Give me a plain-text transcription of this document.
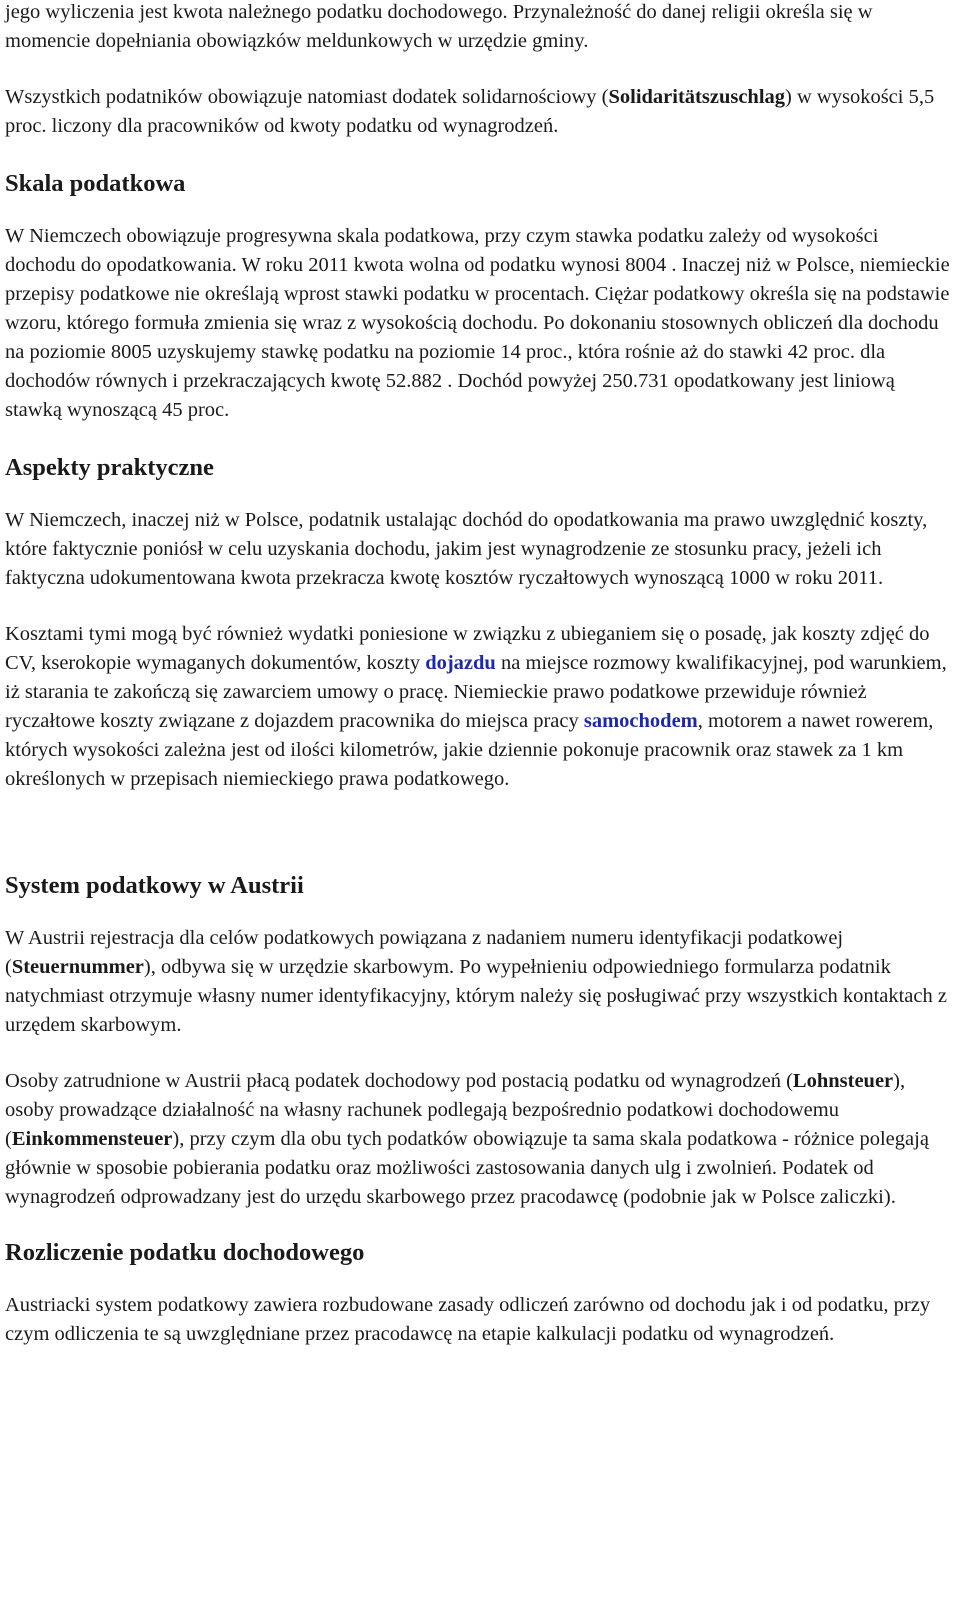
jego wyliczenia jest kwota należnego podatku dochodowego. Przynależność do danej religii określa się w momencie dopełniania obowiązków meldunkowych w urzędzie gminy.

Wszystkich podatników obowiązuje natomiast dodatek solidarnościowy (Solidaritätszuschlag) w wysokości 5,5 proc. liczony dla pracowników od kwoty podatku od wynagrodzeń.

Skala podatkowa

W Niemczech obowiązuje progresywna skala podatkowa, przy czym stawka podatku zależy od wysokości dochodu do opodatkowania. W roku 2011 kwota wolna od podatku wynosi 8004 . Inaczej niż w Polsce, niemieckie przepisy podatkowe nie określają wprost stawki podatku w procentach. Ciężar podatkowy określa się na podstawie wzoru, którego formuła zmienia się wraz z wysokością dochodu. Po dokonaniu stosownych obliczeń dla dochodu na poziomie 8005 uzyskujemy stawkę podatku na poziomie 14 proc., która rośnie aż do stawki 42 proc. dla dochodów równych i przekraczających kwotę 52.882 . Dochód powyżej 250.731 opodatkowany jest liniową stawką wynoszącą 45 proc.

Aspekty praktyczne

W Niemczech, inaczej niż w Polsce, podatnik ustalając dochód do opodatkowania ma prawo uwzględnić koszty, które faktycznie poniósł w celu uzyskania dochodu, jakim jest wynagrodzenie ze stosunku pracy, jeżeli ich faktyczna udokumentowana kwota przekracza kwotę kosztów ryczałtowych wynoszącą 1000 w roku 2011.

Kosztami tymi mogą być również wydatki poniesione w związku z ubieganiem się o posadę, jak koszty zdjęć do CV, kserokopie wymaganych dokumentów, koszty dojazdu na miejsce rozmowy kwalifikacyjnej, pod warunkiem, iż starania te zakończą się zawarciem umowy o pracę. Niemieckie prawo podatkowe przewiduje również ryczałtowe koszty związane z dojazdem pracownika do miejsca pracy samochodem, motorem a nawet rowerem, których wysokości zależna jest od ilości kilometrów, jakie dziennie pokonuje pracownik oraz stawek za 1 km określonych w przepisach niemieckiego prawa podatkowego.

System podatkowy w Austrii

W Austrii rejestracja dla celów podatkowych powiązana z nadaniem numeru identyfikacji podatkowej (Steuernummer), odbywa się w urzędzie skarbowym. Po wypełnieniu odpowiedniego formularza podatnik natychmiast otrzymuje własny numer identyfikacyjny, którym należy się posługiwać przy wszystkich kontaktach z urzędem skarbowym.

Osoby zatrudnione w Austrii płacą podatek dochodowy pod postacią podatku od wynagrodzeń (Lohnsteuer), osoby prowadzące działalność na własny rachunek podlegają bezpośrednio podatkowi dochodowemu (Einkommensteuer), przy czym dla obu tych podatków obowiązuje ta sama skala podatkowa - różnice polegają głównie w sposobie pobierania podatku oraz możliwości zastosowania danych ulg i zwolnień. Podatek od wynagrodzeń odprowadzany jest do urzędu skarbowego przez pracodawcę (podobnie jak w Polsce zaliczki).

Rozliczenie podatku dochodowego

Austriacki system podatkowy zawiera rozbudowane zasady odliczeń zarówno od dochodu jak i od podatku, przy czym odliczenia te są uwzględniane przez pracodawcę na etapie kalkulacji podatku od wynagrodzeń.
